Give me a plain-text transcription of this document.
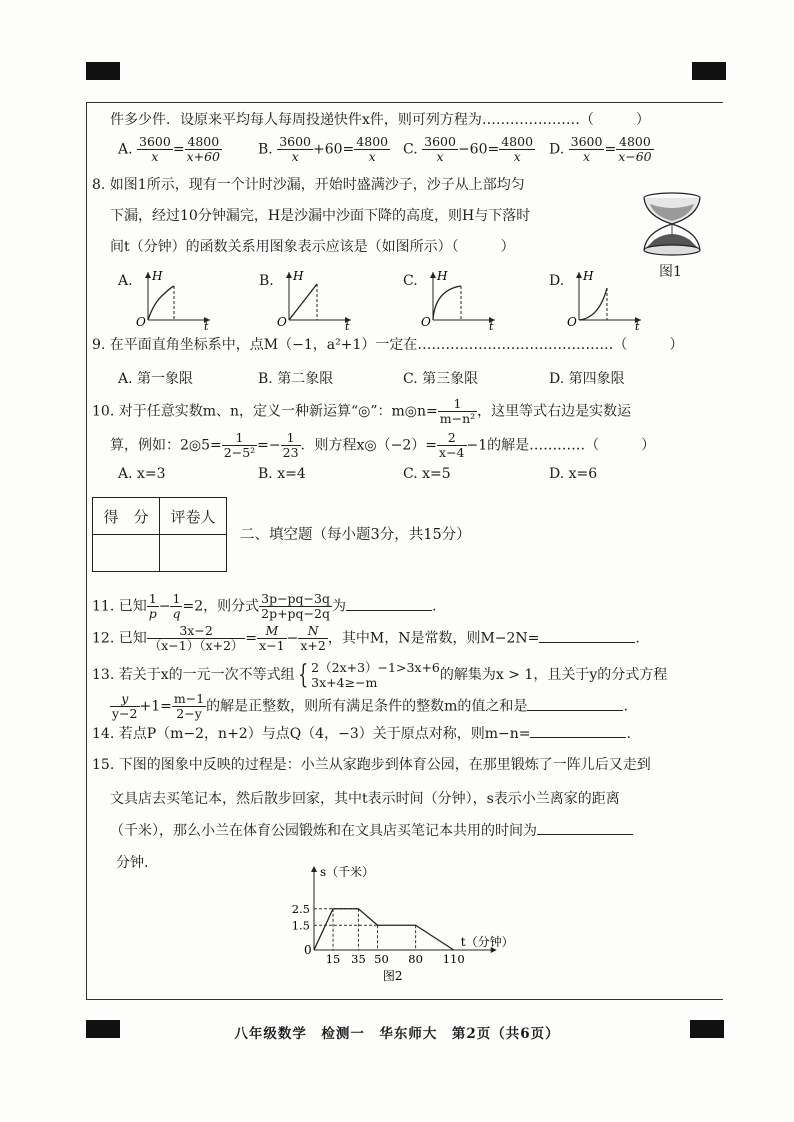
件多少件．设原来平均每人每周投递快件x件，则可列方程为…………………（　　　）
A. $\frac{3600}{x} = \frac{4800}{x+60}$	B. $\frac{3600}{x} +60= \frac{4800}{x} C$. $\frac{3600}{x} -60= \frac{4800}{x} D$. $\frac{3600}{x} = \frac{4800}{x-60}$
8. 如图1所示，现有一个计时沙漏，开始时盛满沙子，沙子从上部均匀
下漏，经过10分钟漏完，H是沙漏中沙面下降的高度，则H与下落时
间t（分钟）的函数关系用图象表示应该是（如图所示）（　　　）
图1
A.
O
H
t
B.
O
H
t
C.
O
H
t
D.
O
H
t
9. 在平面直角坐标系中，点M（−1，a²+1）一定在……………………………………（　　　）
A. 第一象限	B. 第二象限	C. 第三象限	D. 第四象限
10. 对于任意实数m、n，定义一种新运算“◎”：m◎n= $\frac{1}{\text{m−n²}}$ ，这里等式右边是实数运
算，例如：2◎5= $\frac{1}{\text{2−5²}} =- \frac{1}{23}$ ．则方程x◎（−2）= $\frac{2}{x-4} -1$的解是…………（　　　）
A. x=3	B. x=4	C. x=5	D. x=6
得　分	评卷人

二、填空题（每小题3分，共15分）
11. 已知 $\frac{1}{p} - \frac{1}{q} =2$，则分式 $\frac{3p-pq-3q}{2p+pq-2q}$ 为	.
12. 已知 $\frac{3x-2}{(x-1)(x+2)} = \frac{M}{x-1} - \frac{N}{x+2}$ ，其中M，N是常数，则M−2N=	.
13. 若关于x的一元一次不等式组 { 2（2x+3）−1>3x+6
3x+4≥−m	的解集为x > 1，且关于y的分式方程
$\frac{y}{y-2} +1= \frac{m-1}{2-y}$ 的解是正整数，则所有满足条件的整数m的值之和是	.
14. 若点P（m−2，n+2）与点Q（4，−3）关于原点对称，则m−n=	.
15. 下图的图象中反映的过程是：小兰从家跑步到体育公园，在那里锻炼了一阵儿后又走到
文具店去买笔记本，然后散步回家，其中t表示时间（分钟），s表示小兰离家的距离
（千米），那么小兰在体育公园锻炼和在文具店买笔记本共用的时间为
分钟.
15 35 50 80 110
2.5
1.5
s（千米）
t（分钟）
0
图2
八年级数学　检测一　华东师大　第2页（共6页）
